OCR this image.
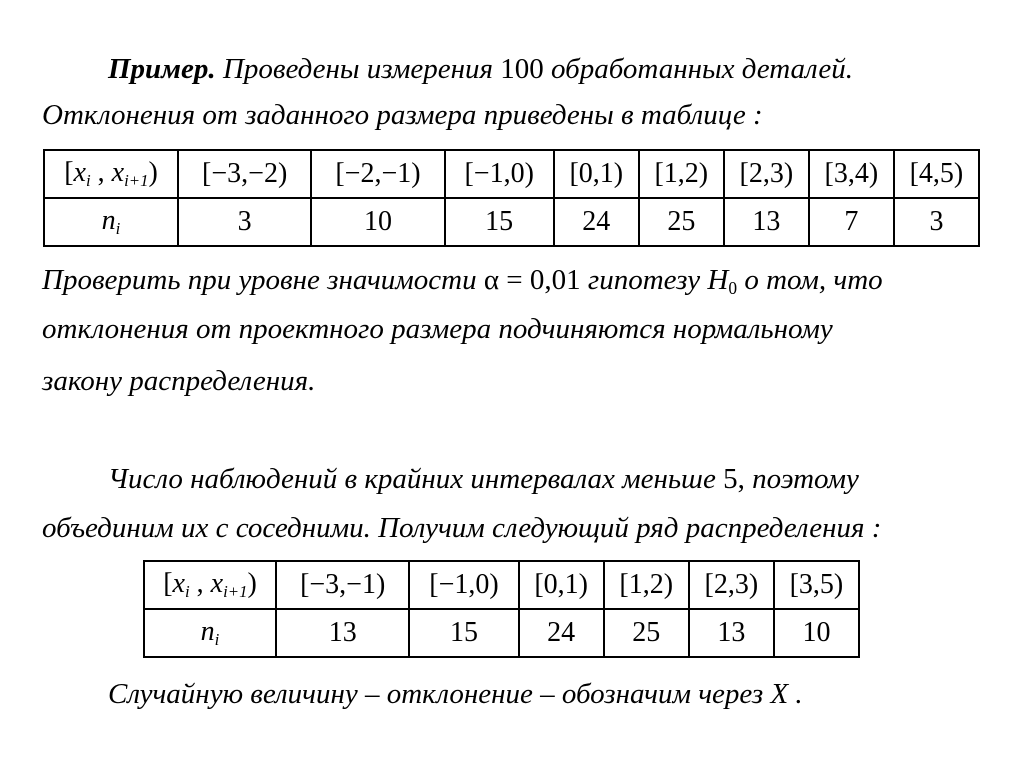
Пример. Проведены измерения 100 обработанных деталей.

Отклонения от заданного размера приведены в таблице :

[$x_i$ , $x_{i+1}$)	[−3,−2)	[−2,−1)	[−1,0)	[0,1)	[1,2)	[2,3)	[3,4)	[4,5)
$n_i$	3	10	15	24	25	13	7	3

Проверить при уровне значимости α = 0,01 гипотезу $H_0$ о том, что

отклонения от проектного размера подчиняются нормальному

закону распределения.

Число наблюдений в крайних интервалах меньше 5, поэтому

объединим их с соседними. Получим следующий ряд распределения :

[$x_i$ , $x_{i+1}$)	[−3,−1)	[−1,0)	[0,1)	[1,2)	[2,3)	[3,5)
$n_i$	13	15	24	25	13	10

Случайную величину – отклонение – обозначим через X .
